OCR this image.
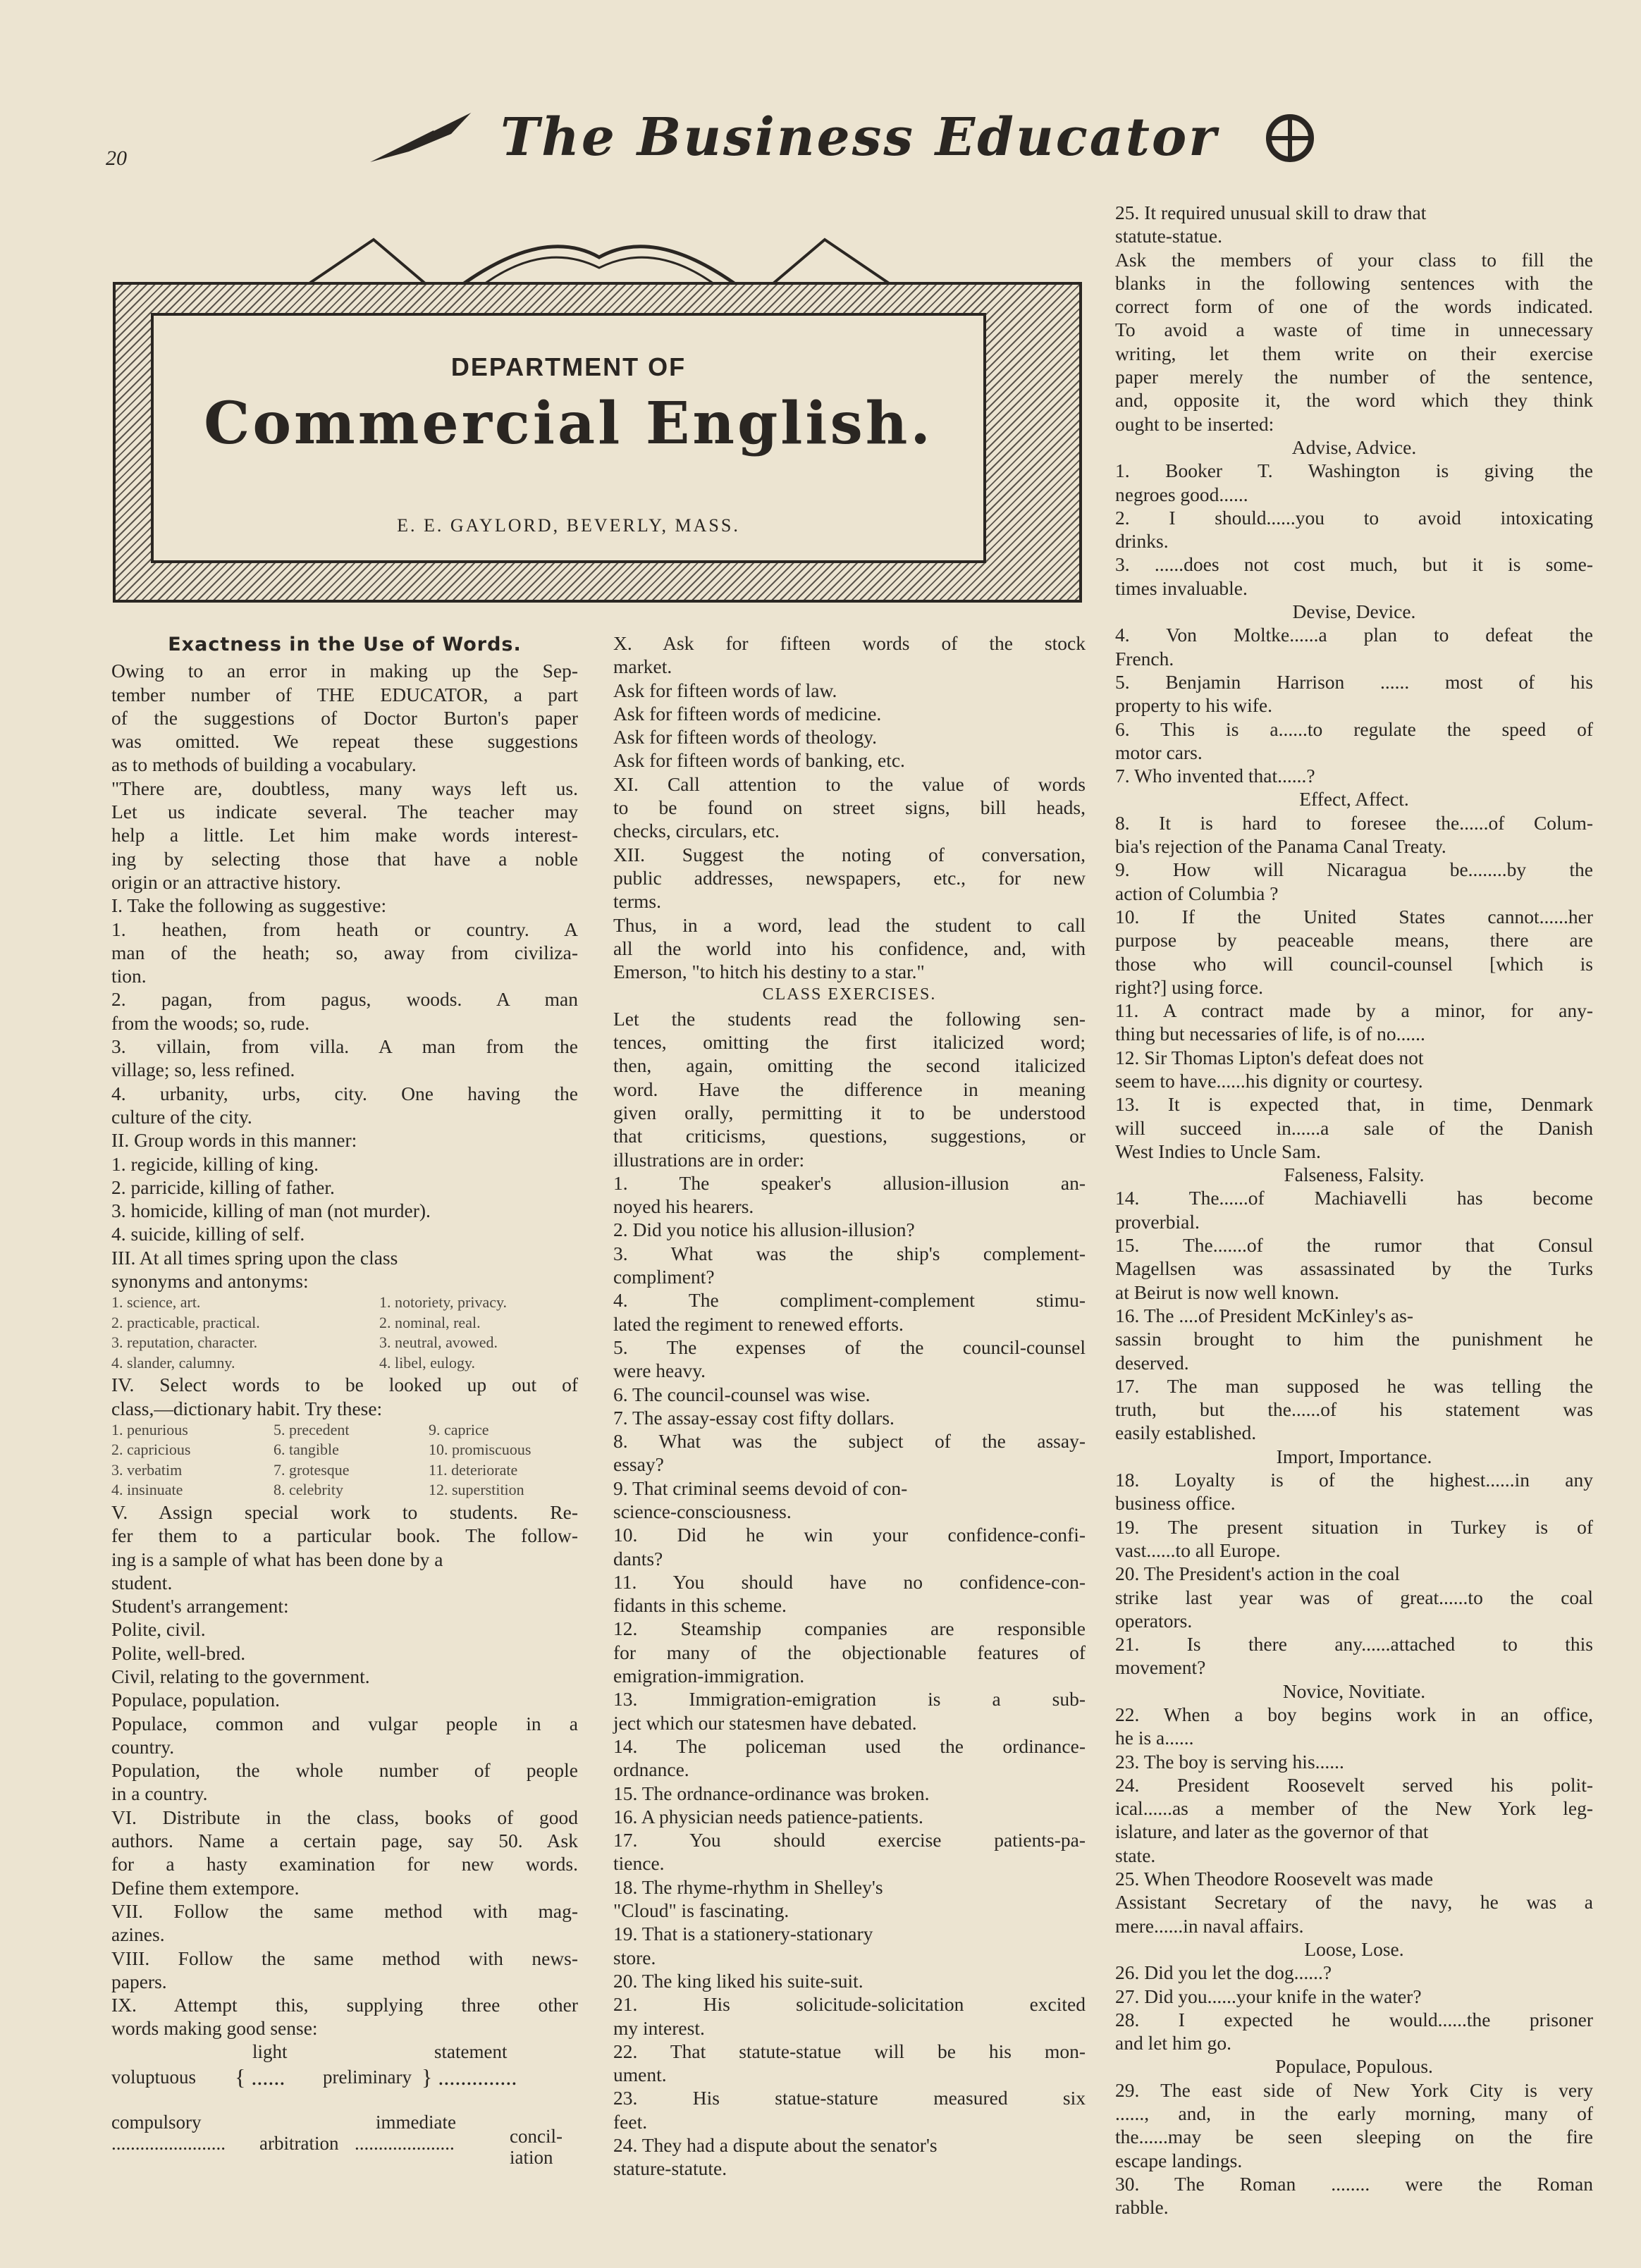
20	The Business Educator
DEPARTMENT OF
Commercial English.
E. E. GAYLORD, BEVERLY, MASS.

Exactness in the Use of Words.

Owing to an error in making up the Sep-

tember number of THE EDUCATOR, a part

of the suggestions of Doctor Burton's paper

was omitted. We repeat these suggestions

as to methods of building a vocabulary.

"There are, doubtless, many ways left us.

Let us indicate several. The teacher may

help a little. Let him make words interest-

ing by selecting those that have a noble

origin or an attractive history.

I. Take the following as suggestive:

1. heathen, from heath or country. A

man of the heath; so, away from civiliza-

tion.

2. pagan, from pagus, woods. A man

from the woods; so, rude.

3. villain, from villa. A man from the

village; so, less refined.

4. urbanity, urbs, city. One having the

culture of the city.

II. Group words in this manner:

1. regicide, killing of king.

2. parricide, killing of father.

3. homicide, killing of man (not murder).

4. suicide, killing of self.

III. At all times spring upon the class

synonyms and antonyms:

1. science, art.	1. notoriety, privacy.
2. practicable, practical.	2. nominal, real.
3. reputation, character.	3. neutral, avowed.
4. slander, calumny.	4. libel, eulogy.

IV. Select words to be looked up out of

class,—dictionary habit. Try these:

1. penurious	5. precedent	9. caprice
2. capricious	6. tangible	10. promiscuous
3. verbatim	7. grotesque	11. deteriorate
4. insinuate	8. celebrity	12. superstition

V. Assign special work to students. Re-

fer them to a particular book. The follow-

ing is a sample of what has been done by a

student.

Student's arrangement:

Polite, civil.

Polite, well-bred.

Civil, relating to the government.

Populace, population.

Populace, common and vulgar people in a

country.

Population, the whole number of people

in a country.

VI. Distribute in the class, books of good

authors. Name a certain page, say 50. Ask

for a hasty examination for new words.

Define them extempore.

VII. Follow the same method with mag-

azines.

VIII. Follow the same method with news-

papers.

IX. Attempt this, supplying three other

words making good sense:

light
voluptuous { ...... preliminary
statement
} ..............
compulsory
........................ arbitration
immediate
.....................	concil-
iation

X. Ask for fifteen words of the stock

market.

Ask for fifteen words of law.

Ask for fifteen words of medicine.

Ask for fifteen words of theology.

Ask for fifteen words of banking, etc.

XI. Call attention to the value of words

to be found on street signs, bill heads,

checks, circulars, etc.

XII. Suggest the noting of conversation,

public addresses, newspapers, etc., for new

terms.

Thus, in a word, lead the student to call

all the world into his confidence, and, with

Emerson, "to hitch his destiny to a star."

CLASS EXERCISES.

Let the students read the following sen-

tences, omitting the first italicized word;

then, again, omitting the second italicized

word. Have the difference in meaning

given orally, permitting it to be understood

that criticisms, questions, suggestions, or

illustrations are in order:

1. The speaker's allusion-illusion an-

noyed his hearers.

2. Did you notice his allusion-illusion?

3. What was the ship's complement-

compliment?

4. The compliment-complement stimu-

lated the regiment to renewed efforts.

5. The expenses of the council-counsel

were heavy.

6. The council-counsel was wise.

7. The assay-essay cost fifty dollars.

8. What was the subject of the assay-

essay?

9. That criminal seems devoid of con-

science-consciousness.

10. Did he win your confidence-confi-

dants?

11. You should have no confidence-con-

fidants in this scheme.

12. Steamship companies are responsible

for many of the objectionable features of

emigration-immigration.

13. Immigration-emigration is a sub-

ject which our statesmen have debated.

14. The policeman used the ordinance-

ordnance.

15. The ordnance-ordinance was broken.

16. A physician needs patience-patients.

17. You should exercise patients-pa-

tience.

18. The rhyme-rhythm in Shelley's

"Cloud" is fascinating.

19. That is a stationery-stationary

store.

20. The king liked his suite-suit.

21. His solicitude-solicitation excited

my interest.

22. That statute-statue will be his mon-

ument.

23. His statue-stature measured six

feet.

24. They had a dispute about the senator's

stature-statute.

25. It required unusual skill to draw that

statute-statue.

Ask the members of your class to fill the

blanks in the following sentences with the

correct form of one of the words indicated.

To avoid a waste of time in unnecessary

writing, let them write on their exercise

paper merely the number of the sentence,

and, opposite it, the word which they think

ought to be inserted:

Advise, Advice.

1. Booker T. Washington is giving the

negroes good......

2. I should......you to avoid intoxicating

drinks.

3. ......does not cost much, but it is some-

times invaluable.

Devise, Device.

4. Von Moltke......a plan to defeat the

French.

5. Benjamin Harrison ...... most of his

property to his wife.

6. This is a......to regulate the speed of

motor cars.

7. Who invented that......?

Effect, Affect.

8. It is hard to foresee the......of Colum-

bia's rejection of the Panama Canal Treaty.

9. How will Nicaragua be........by the

action of Columbia ?

10. If the United States cannot......her

purpose by peaceable means, there are

those who will council-counsel [which is

right?] using force.

11. A contract made by a minor, for any-

thing but necessaries of life, is of no......

12. Sir Thomas Lipton's defeat does not

seem to have......his dignity or courtesy.

13. It is expected that, in time, Denmark

will succeed in......a sale of the Danish

West Indies to Uncle Sam.

Falseness, Falsity.

14. The......of Machiavelli has become

proverbial.

15. The.......of the rumor that Consul

Magellsen was assassinated by the Turks

at Beirut is now well known.

16. The ....of President McKinley's as-

sassin brought to him the punishment he

deserved.

17. The man supposed he was telling the

truth, but the......of his statement was

easily established.

Import, Importance.

18. Loyalty is of the highest......in any

business office.

19. The present situation in Turkey is of

vast......to all Europe.

20. The President's action in the coal

strike last year was of great......to the coal

operators.

21. Is there any......attached to this

movement?

Novice, Novitiate.

22. When a boy begins work in an office,

he is a......

23. The boy is serving his......

24. President Roosevelt served his polit-

ical......as a member of the New York leg-

islature, and later as the governor of that

state.

25. When Theodore Roosevelt was made

Assistant Secretary of the navy, he was a

mere......in naval affairs.

Loose, Lose.

26. Did you let the dog......?

27. Did you......your knife in the water?

28. I expected he would......the prisoner

and let him go.

Populace, Populous.

29. The east side of New York City is very

......, and, in the early morning, many of

the......may be seen sleeping on the fire

escape landings.

30. The Roman ........ were the Roman

rabble.
